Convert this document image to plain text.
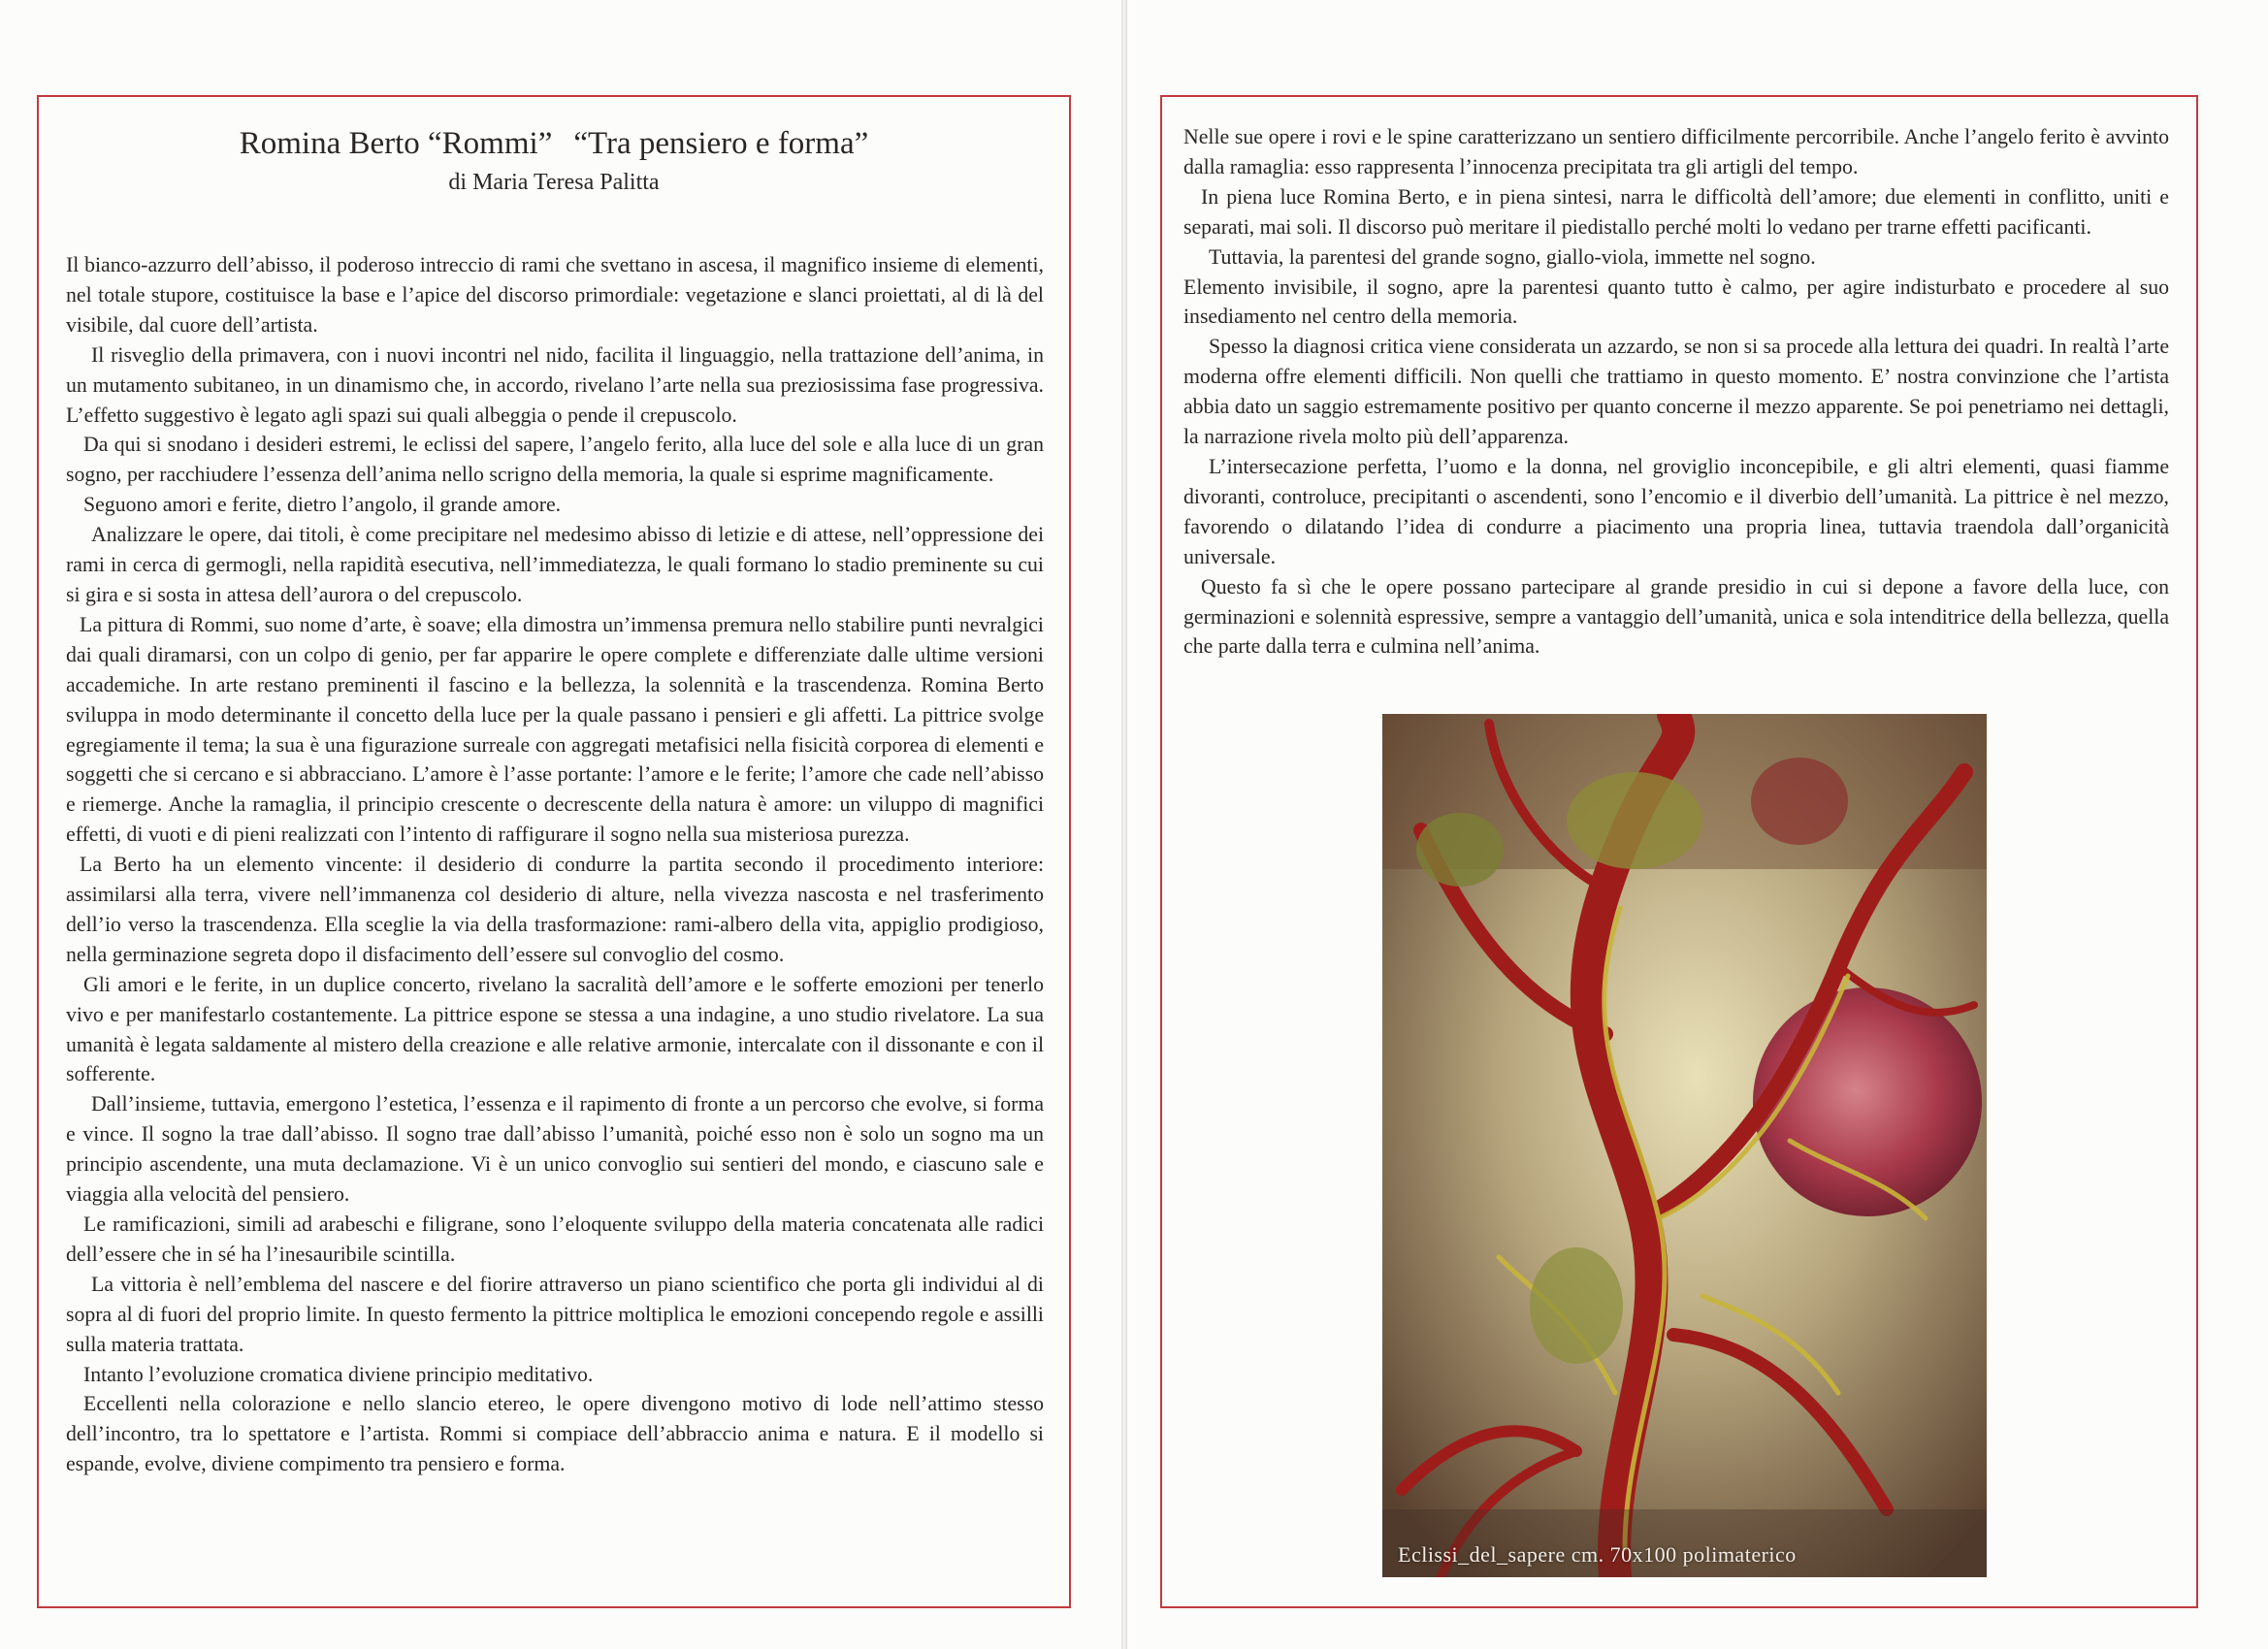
Romina Berto “Rommi” “Tra pensiero e forma”
di Maria Teresa Palitta

Il bianco-azzurro dell’abisso, il poderoso intreccio di rami che svettano in ascesa, il magnifico insieme di elementi, nel totale stupore, costituisce la base e l’apice del discorso primordiale: vegetazione e slanci proiettati, al di là del visibile, dal cuore dell’artista.

Il risveglio della primavera, con i nuovi incontri nel nido, facilita il linguaggio, nella trattazione dell’anima, in un mutamento subitaneo, in un dinamismo che, in accordo, rivelano l’arte nella sua preziosissima fase progressiva. L’effetto suggestivo è legato agli spazi sui quali albeggia o pende il crepuscolo.

Da qui si snodano i desideri estremi, le eclissi del sapere, l’angelo ferito, alla luce del sole e alla luce di un gran sogno, per racchiudere l’essenza dell’anima nello scrigno della memoria, la quale si esprime magnificamente.

Seguono amori e ferite, dietro l’angolo, il grande amore.

Analizzare le opere, dai titoli, è come precipitare nel medesimo abisso di letizie e di attese, nell’oppressione dei rami in cerca di germogli, nella rapidità esecutiva, nell’immediatezza, le quali formano lo stadio preminente su cui si gira e si sosta in attesa dell’aurora o del crepuscolo.

La pittura di Rommi, suo nome d’arte, è soave; ella dimostra un’immensa premura nello stabilire punti nevralgici dai quali diramarsi, con un colpo di genio, per far apparire le opere complete e differenziate dalle ultime versioni accademiche. In arte restano preminenti il fascino e la bellezza, la solennità e la trascendenza. Romina Berto sviluppa in modo determinante il concetto della luce per la quale passano i pensieri e gli affetti. La pittrice svolge egregiamente il tema; la sua è una figurazione surreale con aggregati metafisici nella fisicità corporea di elementi e soggetti che si cercano e si abbracciano. L’amore è l’asse portante: l’amore e le ferite; l’amore che cade nell’abisso e riemerge. Anche la ramaglia, il principio crescente o decrescente della natura è amore: un viluppo di magnifici effetti, di vuoti e di pieni realizzati con l’intento di raffigurare il sogno nella sua misteriosa purezza.

La Berto ha un elemento vincente: il desiderio di condurre la partita secondo il procedimento interiore: assimilarsi alla terra, vivere nell’immanenza col desiderio di alture, nella vivezza nascosta e nel trasferimento dell’io verso la trascendenza. Ella sceglie la via della trasformazione: rami-albero della vita, appiglio prodigioso, nella germinazione segreta dopo il disfacimento dell’essere sul convoglio del cosmo.

Gli amori e le ferite, in un duplice concerto, rivelano la sacralità dell’amore e le sofferte emozioni per tenerlo vivo e per manifestarlo costantemente. La pittrice espone se stessa a una indagine, a uno studio rivelatore. La sua umanità è legata saldamente al mistero della creazione e alle relative armonie, intercalate con il dissonante e con il sofferente.

Dall’insieme, tuttavia, emergono l’estetica, l’essenza e il rapimento di fronte a un percorso che evolve, si forma e vince. Il sogno la trae dall’abisso. Il sogno trae dall’abisso l’umanità, poiché esso non è solo un sogno ma un principio ascendente, una muta declamazione. Vi è un unico convoglio sui sentieri del mondo, e ciascuno sale e viaggia alla velocità del pensiero.

Le ramificazioni, simili ad arabeschi e filigrane, sono l’eloquente sviluppo della materia concatenata alle radici dell’essere che in sé ha l’inesauribile scintilla.

La vittoria è nell’emblema del nascere e del fiorire attraverso un piano scientifico che porta gli individui al di sopra al di fuori del proprio limite. In questo fermento la pittrice moltiplica le emozioni concependo regole e assilli sulla materia trattata.

Intanto l’evoluzione cromatica diviene principio meditativo.

Eccellenti nella colorazione e nello slancio etereo, le opere divengono motivo di lode nell’attimo stesso dell’incontro, tra lo spettatore e l’artista. Rommi si compiace dell’abbraccio anima e natura. E il modello si espande, evolve, diviene compimento tra pensiero e forma.

Nelle sue opere i rovi e le spine caratterizzano un sentiero difficilmente percorribile. Anche l’angelo ferito è avvinto dalla ramaglia: esso rappresenta l’innocenza precipitata tra gli artigli del tempo.

In piena luce Romina Berto, e in piena sintesi, narra le difficoltà dell’amore; due elementi in conflitto, uniti e separati, mai soli. Il discorso può meritare il piedistallo perché molti lo vedano per trarne effetti pacificanti.

Tuttavia, la parentesi del grande sogno, giallo-viola, immette nel sogno.

Elemento invisibile, il sogno, apre la parentesi quanto tutto è calmo, per agire indisturbato e procedere al suo insediamento nel centro della memoria.

Spesso la diagnosi critica viene considerata un azzardo, se non si sa procede alla lettura dei quadri. In realtà l’arte moderna offre elementi difficili. Non quelli che trattiamo in questo momento. E’ nostra convinzione che l’artista abbia dato un saggio estremamente positivo per quanto concerne il mezzo apparente. Se poi penetriamo nei dettagli, la narrazione rivela molto più dell’apparenza.

L’intersecazione perfetta, l’uomo e la donna, nel groviglio inconcepibile, e gli altri elementi, quasi fiamme divoranti, controluce, precipitanti o ascendenti, sono l’encomio e il diverbio dell’umanità. La pittrice è nel mezzo, favorendo o dilatando l’idea di condurre a piacimento una propria linea, tuttavia traendola dall’organicità universale.

Questo fa sì che le opere possano partecipare al grande presidio in cui si depone a favore della luce, con germinazioni e solennità espressive, sempre a vantaggio dell’umanità, unica e sola intenditrice della bellezza, quella che parte dalla terra e culmina nell’anima.

Eclissi_del_sapere cm. 70x100 polimaterico
